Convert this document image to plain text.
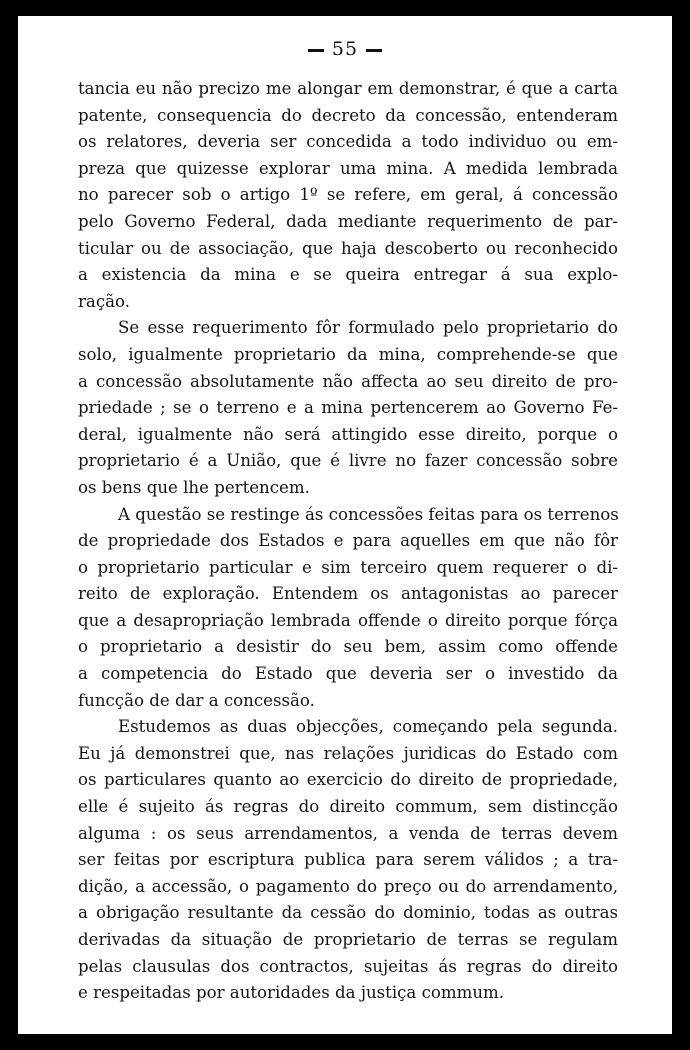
55
tancia eu não precizo me alongar em demonstrar, é que a carta
patente, consequencia do decreto da concessão, entenderam
os relatores, deveria ser concedida a todo individuo ou em-
preza que quizesse explorar uma mina. A medida lembrada
no parecer sob o artigo 1º se refere, em geral, á concessão
pelo Governo Federal, dada mediante requerimento de par-
ticular ou de associação, que haja descoberto ou reconhecido
a existencia da mina e se queira entregar á sua explo-
ração.
Se esse requerimento fôr formulado pelo proprietario do
solo, igualmente proprietario da mina, comprehende-se que
a concessão absolutamente não affecta ao seu direito de pro-
priedade ; se o terreno e a mina pertencerem ao Governo Fe-
deral, igualmente não será attingido esse direito, porque o
proprietario é a União, que é livre no fazer concessão sobre
os bens que lhe pertencem.
A questão se restinge ás concessões feitas para os terrenos
de propriedade dos Estados e para aquelles em que não fôr
o proprietario particular e sim terceiro quem requerer o di-
reito de exploração. Entendem os antagonistas ao parecer
que a desapropriação lembrada offende o direito porque fórça
o proprietario a desistir do seu bem, assim como offende
a competencia do Estado que deveria ser o investido da
funcção de dar a concessão.
Estudemos as duas objecções, começando pela segunda.
Eu já demonstrei que, nas relações juridicas do Estado com
os particulares quanto ao exercicio do direito de propriedade,
elle é sujeito ás regras do direito commum, sem distincção
alguma : os seus arrendamentos, a venda de terras devem
ser feitas por escriptura publica para serem válidos ; a tra-
dição, a accessão, o pagamento do preço ou do arrendamento,
a obrigação resultante da cessão do dominio, todas as outras
derivadas da situação de proprietario de terras se regulam
pelas clausulas dos contractos, sujeitas ás regras do direito
e respeitadas por autoridades da justiça commum.
